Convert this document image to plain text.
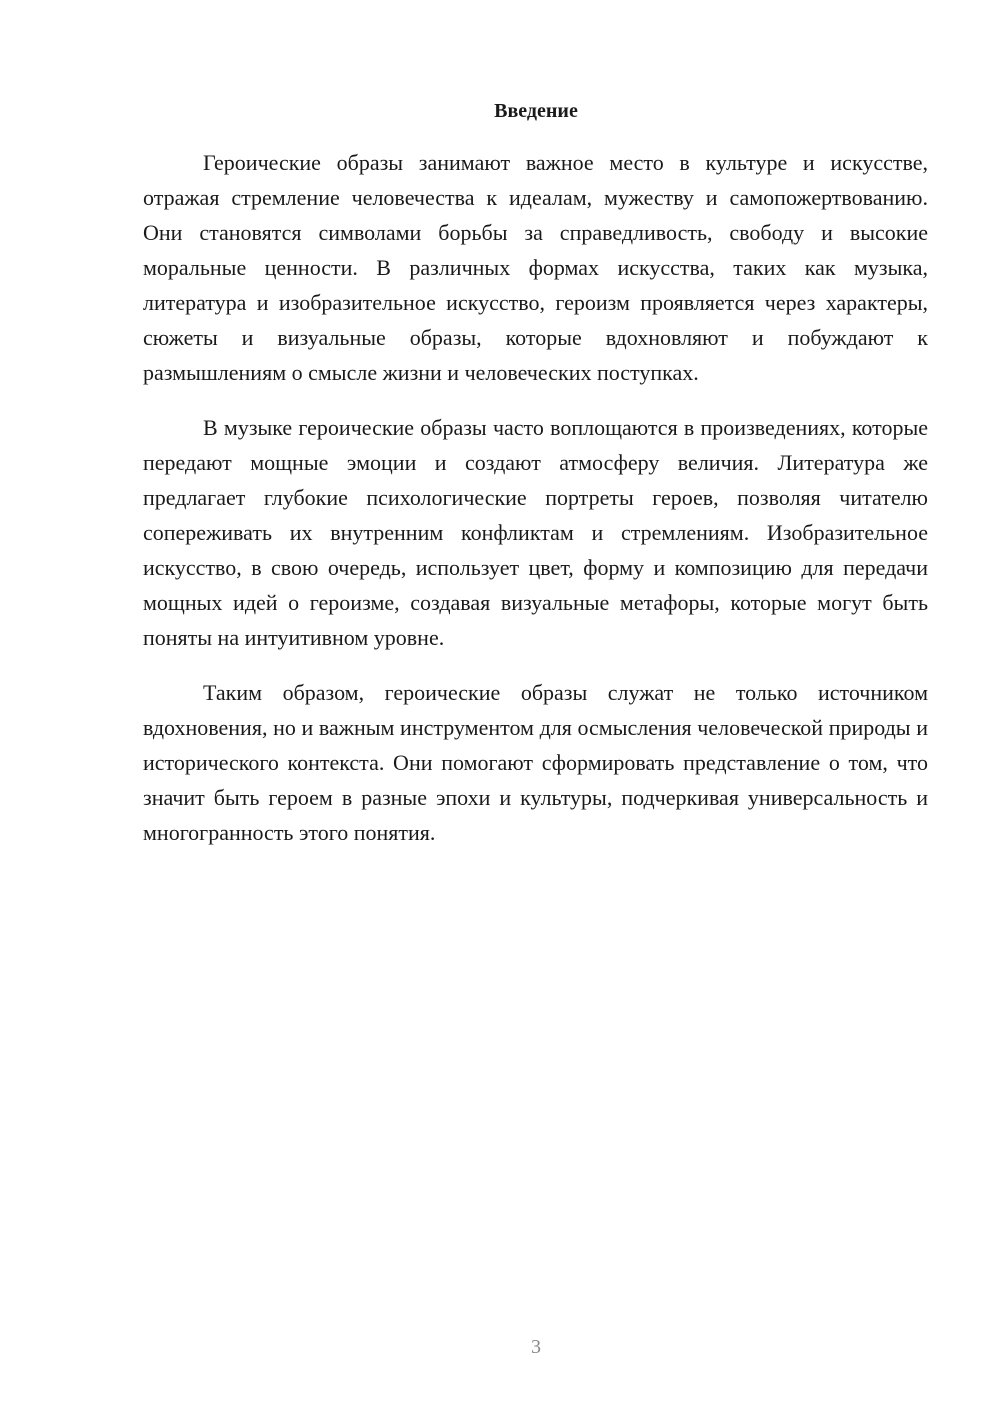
Введение

Героические образы занимают важное место в культуре и искусстве, отражая стремление человечества к идеалам, мужеству и самопожертвованию. Они становятся символами борьбы за справедливость, свободу и высокие моральные ценности. В различных формах искусства, таких как музыка, литература и изобразительное искусство, героизм проявляется через характеры, сюжеты и визуальные образы, которые вдохновляют и побуждают к размышлениям о смысле жизни и человеческих поступках.

В музыке героические образы часто воплощаются в произведениях, которые передают мощные эмоции и создают атмосферу величия. Литература же предлагает глубокие психологические портреты героев, позволяя читателю сопереживать их внутренним конфликтам и стремлениям. Изобразительное искусство, в свою очередь, использует цвет, форму и композицию для передачи мощных идей о героизме, создавая визуальные метафоры, которые могут быть поняты на интуитивном уровне.

Таким образом, героические образы служат не только источником вдохновения, но и важным инструментом для осмысления человеческой природы и исторического контекста. Они помогают сформировать представление о том, что значит быть героем в разные эпохи и культуры, подчеркивая универсальность и многогранность этого понятия.

3
